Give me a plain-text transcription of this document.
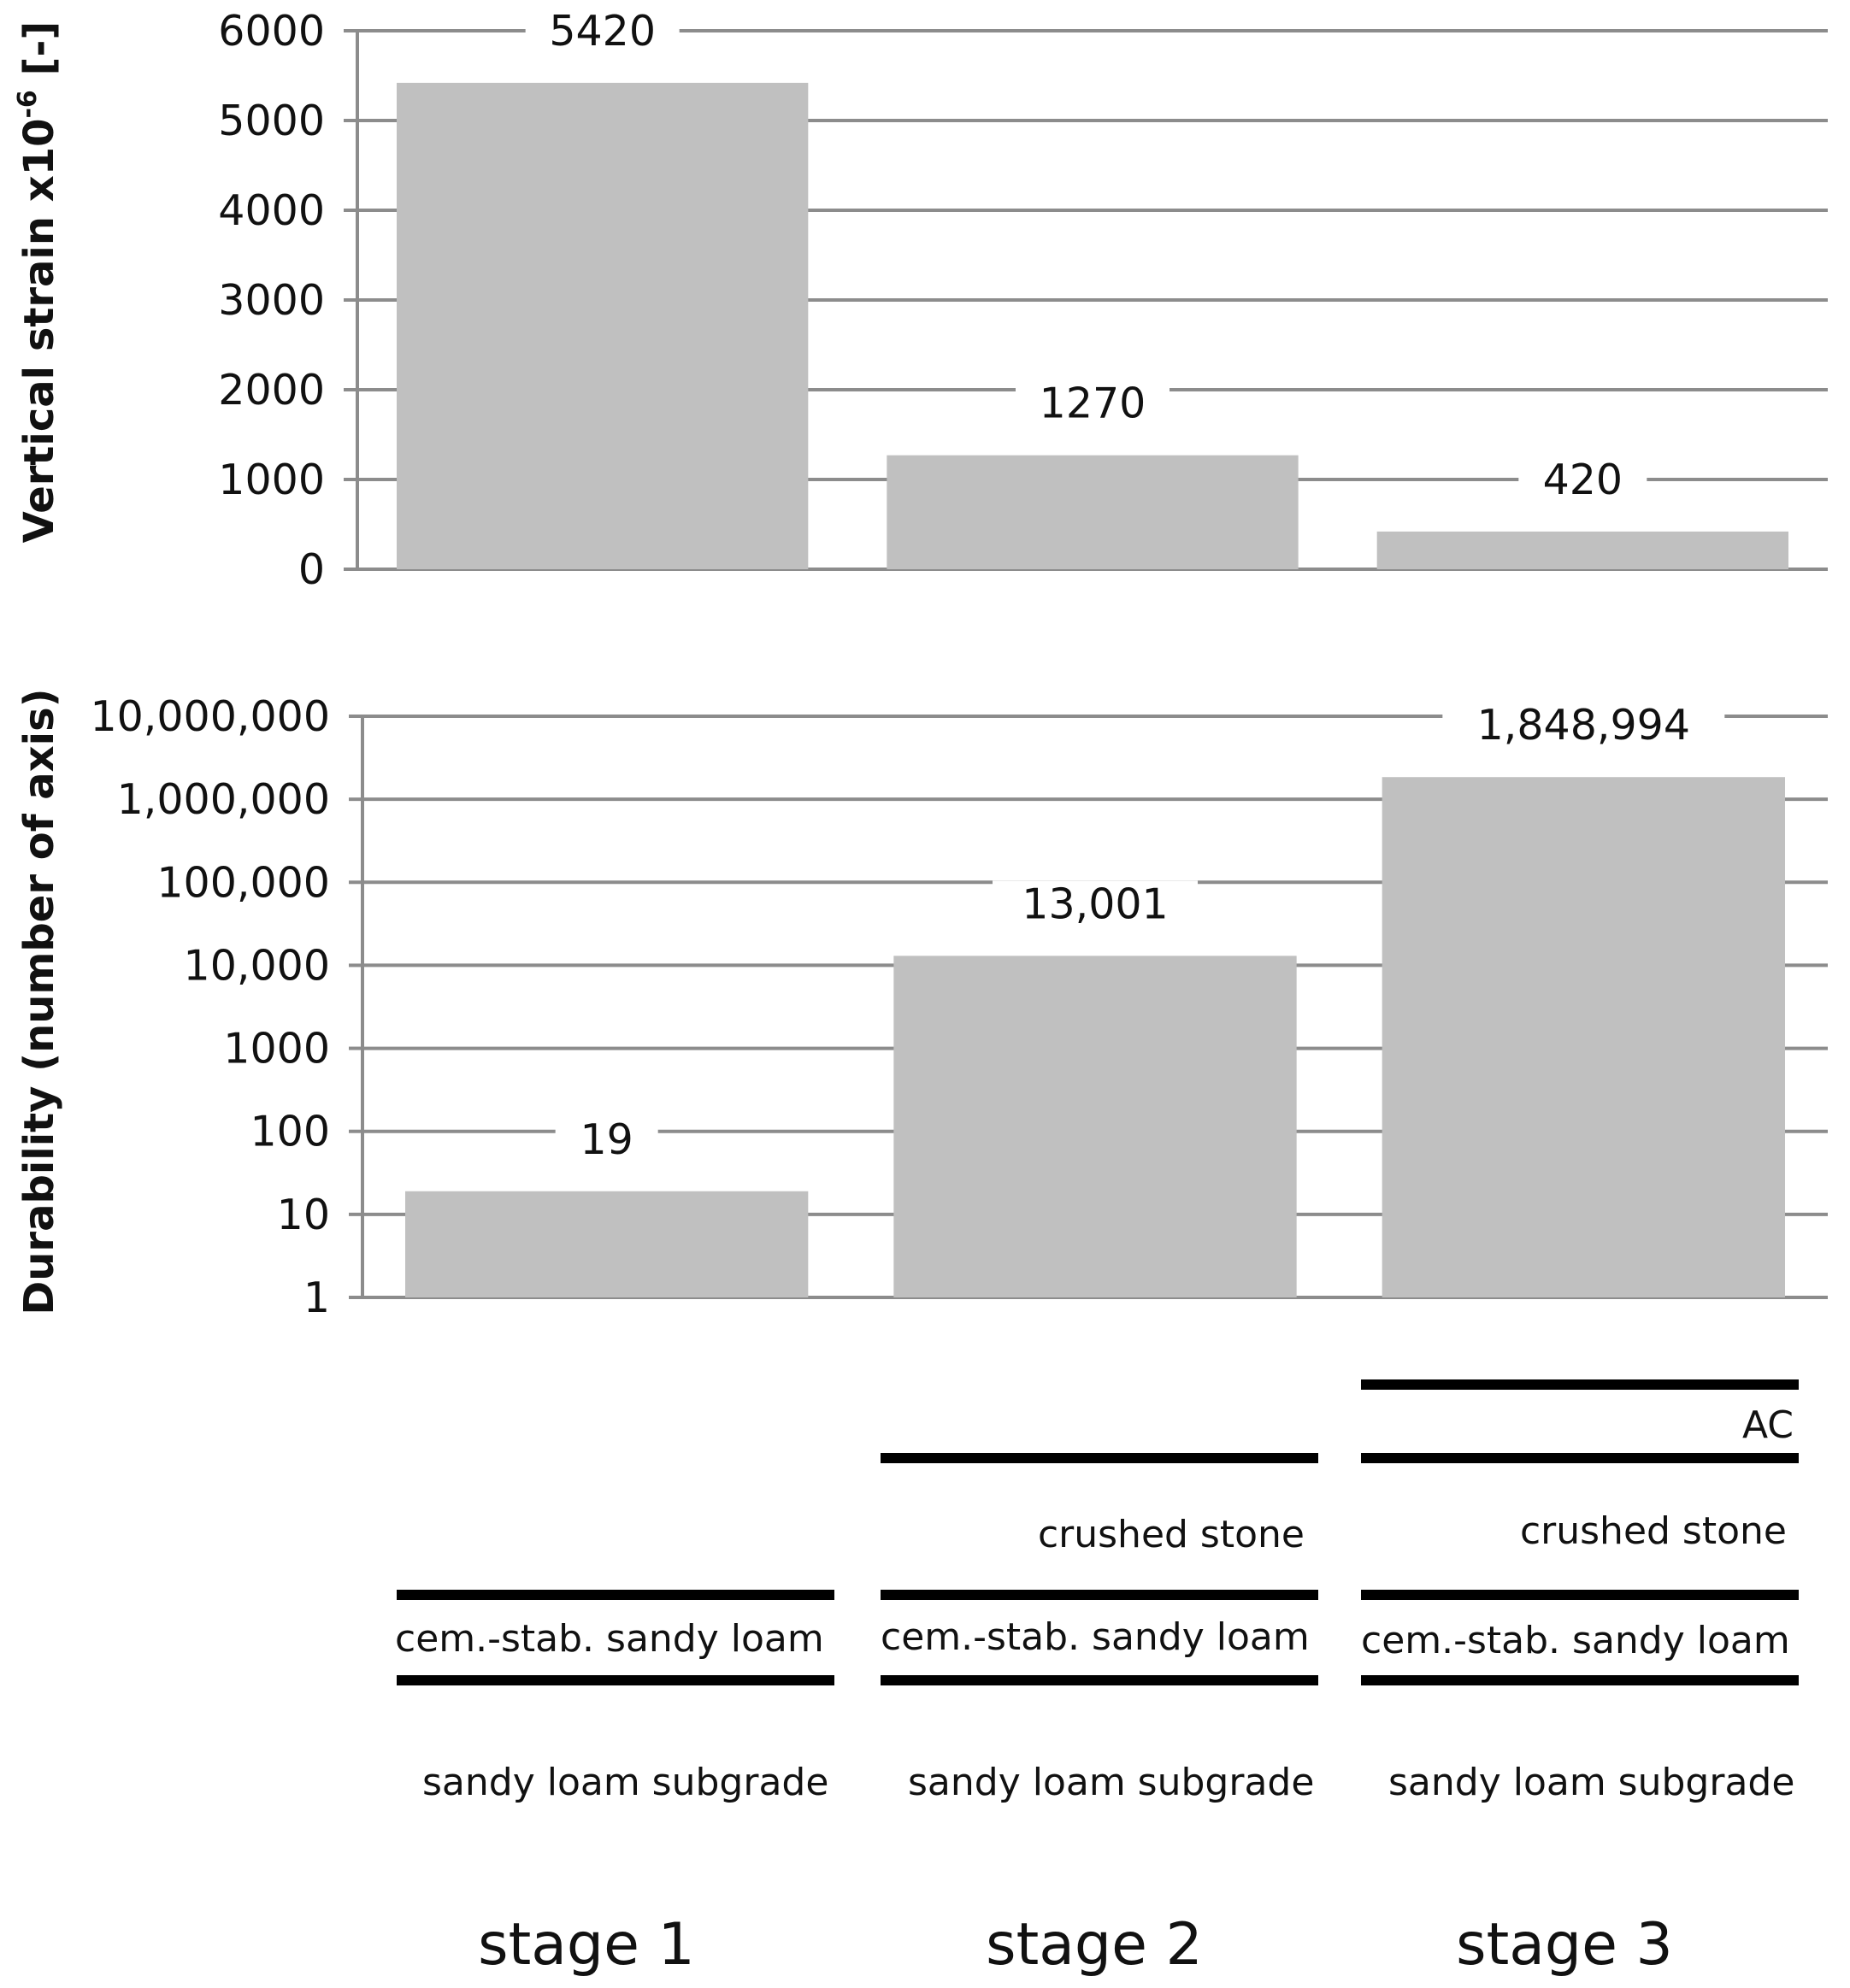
5420
1270
420
0
1000
2000
3000
4000
5000
6000
Vertical strain $x10^{-6}$ [-]
19
13,001
1,848,994
1
10
100
1000
10,000
100,000
1,000,000
10,000,000
Durability (number of axis)
cem.-stab. sandy loam
sandy loam subgrade
crushed stone
cem.-stab. sandy loam
sandy loam subgrade
AC
crushed stone
cem.-stab. sandy loam
sandy loam subgrade
stage 1	stage 2	stage 3
